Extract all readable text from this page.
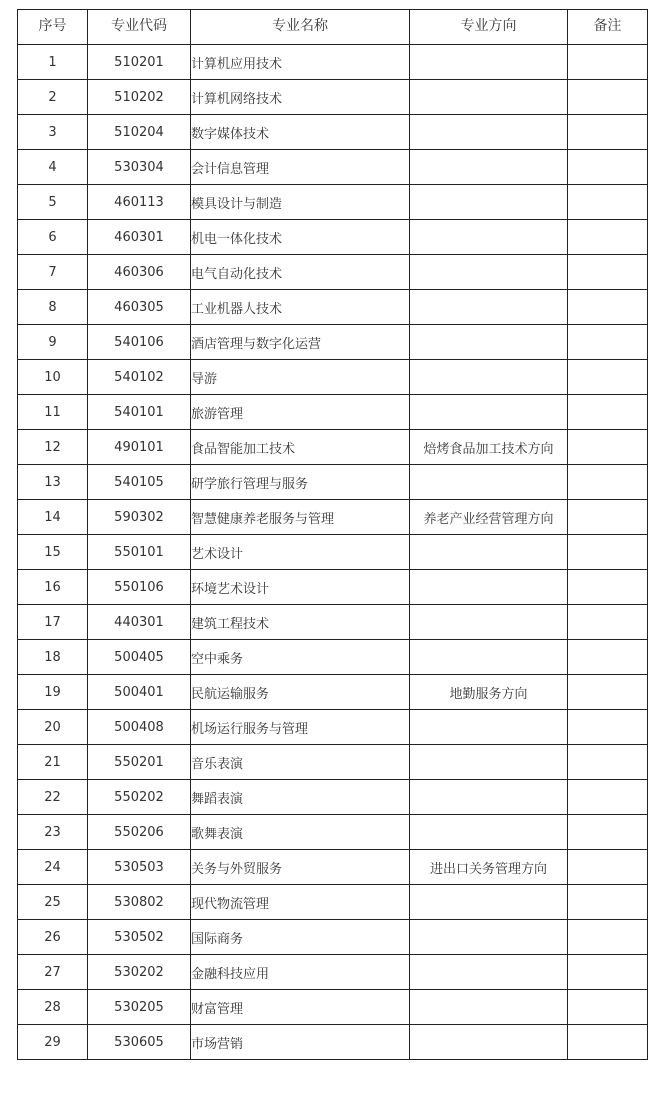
序号	专业代码	专业名称	专业方向	备注
1	510201	计算机应用技术		
2	510202	计算机网络技术		
3	510204	数字媒体技术		
4	530304	会计信息管理		
5	460113	模具设计与制造		
6	460301	机电一体化技术		
7	460306	电气自动化技术		
8	460305	工业机器人技术		
9	540106	酒店管理与数字化运营		
10	540102	导游		
11	540101	旅游管理		
12	490101	食品智能加工技术	焙烤食品加工技术方向	
13	540105	研学旅行管理与服务		
14	590302	智慧健康养老服务与管理	养老产业经营管理方向	
15	550101	艺术设计		
16	550106	环境艺术设计		
17	440301	建筑工程技术		
18	500405	空中乘务		
19	500401	民航运输服务	地勤服务方向	
20	500408	机场运行服务与管理		
21	550201	音乐表演		
22	550202	舞蹈表演		
23	550206	歌舞表演		
24	530503	关务与外贸服务	进出口关务管理方向	
25	530802	现代物流管理		
26	530502	国际商务		
27	530202	金融科技应用		
28	530205	财富管理		
29	530605	市场营销		
